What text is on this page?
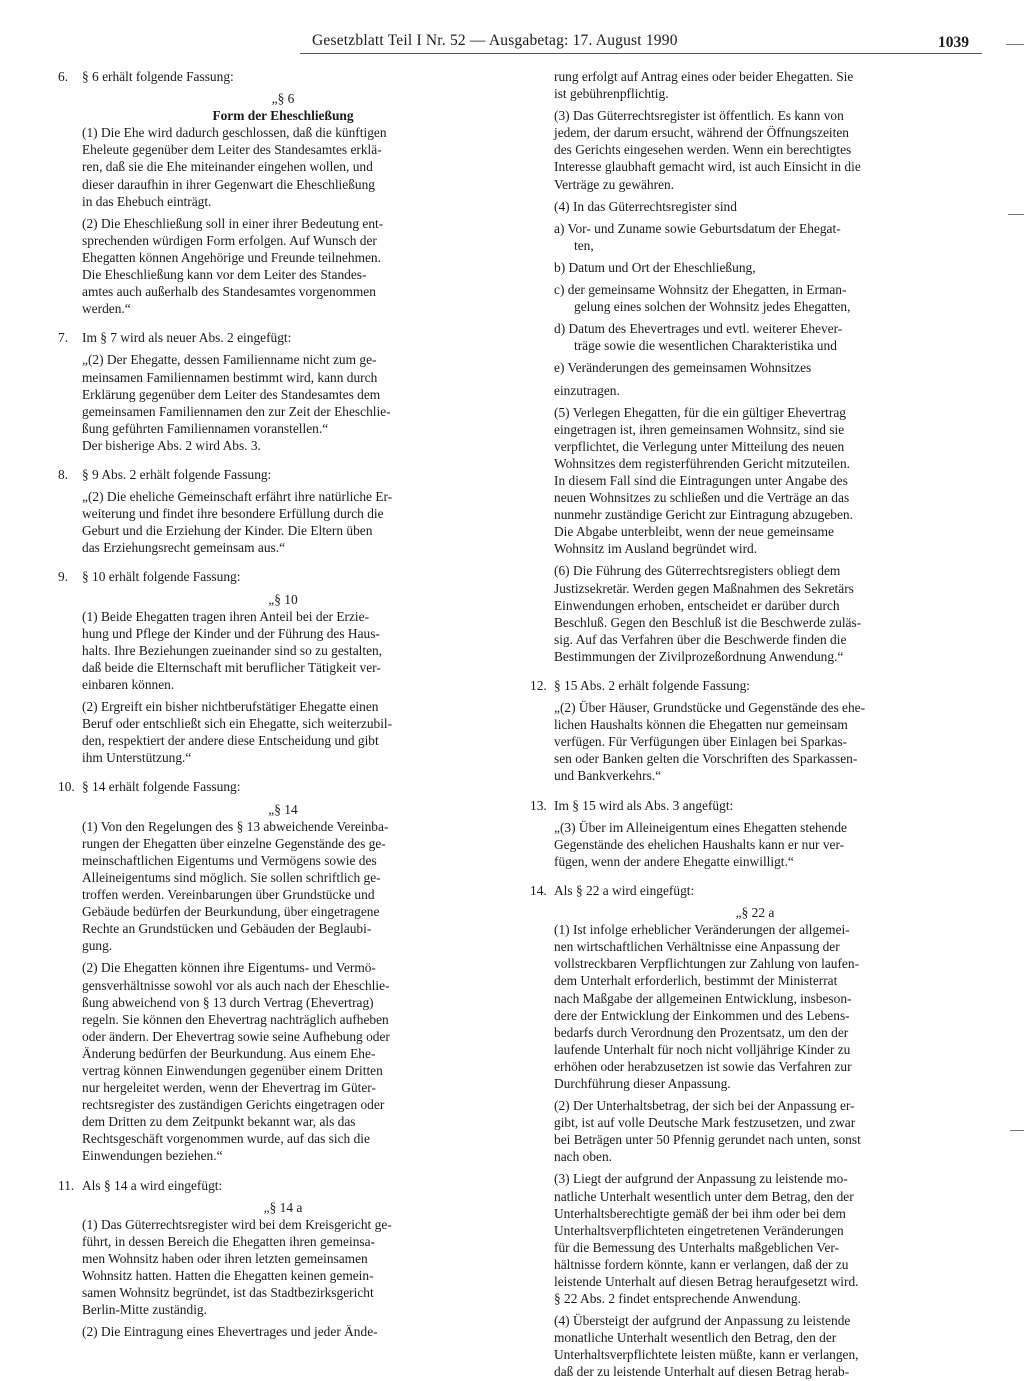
Gesetzblatt Teil I Nr. 52 — Ausgabetag: 17. August 1990	1039
6. § 6 erhält folgende Fassung:
„§ 6
Form der Eheschließung
(1) Die Ehe wird dadurch geschlossen, daß die künftigen
Eheleute gegenüber dem Leiter des Standesamtes erklä-
ren, daß sie die Ehe miteinander eingehen wollen, und
dieser daraufhin in ihrer Gegenwart die Eheschließung
in das Ehebuch einträgt.
(2) Die Eheschließung soll in einer ihrer Bedeutung ent-
sprechenden würdigen Form erfolgen. Auf Wunsch der
Ehegatten können Angehörige und Freunde teilnehmen.
Die Eheschließung kann vor dem Leiter des Standes-
amtes auch außerhalb des Standesamtes vorgenommen
werden.“
7. Im § 7 wird als neuer Abs. 2 eingefügt:
„(2) Der Ehegatte, dessen Familienname nicht zum ge-
meinsamen Familiennamen bestimmt wird, kann durch
Erklärung gegenüber dem Leiter des Standesamtes dem
gemeinsamen Familiennamen den zur Zeit der Eheschlie-
ßung geführten Familiennamen voranstellen.“
Der bisherige Abs. 2 wird Abs. 3.
8. § 9 Abs. 2 erhält folgende Fassung:
„(2) Die eheliche Gemeinschaft erfährt ihre natürliche Er-
weiterung und findet ihre besondere Erfüllung durch die
Geburt und die Erziehung der Kinder. Die Eltern üben
das Erziehungsrecht gemeinsam aus.“
9. § 10 erhält folgende Fassung:
„§ 10
(1) Beide Ehegatten tragen ihren Anteil bei der Erzie-
hung und Pflege der Kinder und der Führung des Haus-
halts. Ihre Beziehungen zueinander sind so zu gestalten,
daß beide die Elternschaft mit beruflicher Tätigkeit ver-
einbaren können.
(2) Ergreift ein bisher nichtberufstätiger Ehegatte einen
Beruf oder entschließt sich ein Ehegatte, sich weiterzubil-
den, respektiert der andere diese Entscheidung und gibt
ihm Unterstützung.“
10. § 14 erhält folgende Fassung:
„§ 14
(1) Von den Regelungen des § 13 abweichende Vereinba-
rungen der Ehegatten über einzelne Gegenstände des ge-
meinschaftlichen Eigentums und Vermögens sowie des
Alleineigentums sind möglich. Sie sollen schriftlich ge-
troffen werden. Vereinbarungen über Grundstücke und
Gebäude bedürfen der Beurkundung, über eingetragene
Rechte an Grundstücken und Gebäuden der Beglaubi-
gung.
(2) Die Ehegatten können ihre Eigentums- und Vermö-
gensverhältnisse sowohl vor als auch nach der Eheschlie-
ßung abweichend von § 13 durch Vertrag (Ehevertrag)
regeln. Sie können den Ehevertrag nachträglich aufheben
oder ändern. Der Ehevertrag sowie seine Aufhebung oder
Änderung bedürfen der Beurkundung. Aus einem Ehe-
vertrag können Einwendungen gegenüber einem Dritten
nur hergeleitet werden, wenn der Ehevertrag im Güter-
rechtsregister des zuständigen Gerichts eingetragen oder
dem Dritten zu dem Zeitpunkt bekannt war, als das
Rechtsgeschäft vorgenommen wurde, auf das sich die
Einwendungen beziehen.“
11. Als § 14 a wird eingefügt:
„§ 14 a
(1) Das Güterrechtsregister wird bei dem Kreisgericht ge-
führt, in dessen Bereich die Ehegatten ihren gemeinsa-
men Wohnsitz haben oder ihren letzten gemeinsamen
Wohnsitz hatten. Hatten die Ehegatten keinen gemein-
samen Wohnsitz begründet, ist das Stadtbezirksgericht
Berlin-Mitte zuständig.
(2) Die Eintragung eines Ehevertrages und jeder Ände-
rung erfolgt auf Antrag eines oder beider Ehegatten. Sie
ist gebührenpflichtig.
(3) Das Güterrechtsregister ist öffentlich. Es kann von
jedem, der darum ersucht, während der Öffnungszeiten
des Gerichts eingesehen werden. Wenn ein berechtigtes
Interesse glaubhaft gemacht wird, ist auch Einsicht in die
Verträge zu gewähren.
(4) In das Güterrechtsregister sind
a) Vor- und Zuname sowie Geburtsdatum der Ehegat-
ten,
b) Datum und Ort der Eheschließung,
c) der gemeinsame Wohnsitz der Ehegatten, in Erman-
gelung eines solchen der Wohnsitz jedes Ehegatten,
d) Datum des Ehevertrages und evtl. weiterer Ehever-
träge sowie die wesentlichen Charakteristika und
e) Veränderungen des gemeinsamen Wohnsitzes
einzutragen.
(5) Verlegen Ehegatten, für die ein gültiger Ehevertrag
eingetragen ist, ihren gemeinsamen Wohnsitz, sind sie
verpflichtet, die Verlegung unter Mitteilung des neuen
Wohnsitzes dem registerführenden Gericht mitzuteilen.
In diesem Fall sind die Eintragungen unter Angabe des
neuen Wohnsitzes zu schließen und die Verträge an das
nunmehr zuständige Gericht zur Eintragung abzugeben.
Die Abgabe unterbleibt, wenn der neue gemeinsame
Wohnsitz im Ausland begründet wird.
(6) Die Führung des Güterrechtsregisters obliegt dem
Justizsekretär. Werden gegen Maßnahmen des Sekretärs
Einwendungen erhoben, entscheidet er darüber durch
Beschluß. Gegen den Beschluß ist die Beschwerde zuläs-
sig. Auf das Verfahren über die Beschwerde finden die
Bestimmungen der Zivilprozeßordnung Anwendung.“
12. § 15 Abs. 2 erhält folgende Fassung:
„(2) Über Häuser, Grundstücke und Gegenstände des ehe-
lichen Haushalts können die Ehegatten nur gemeinsam
verfügen. Für Verfügungen über Einlagen bei Sparkas-
sen oder Banken gelten die Vorschriften des Sparkassen-
und Bankverkehrs.“
13. Im § 15 wird als Abs. 3 angefügt:
„(3) Über im Alleineigentum eines Ehegatten stehende
Gegenstände des ehelichen Haushalts kann er nur ver-
fügen, wenn der andere Ehegatte einwilligt.“
14. Als § 22 a wird eingefügt:
„§ 22 a
(1) Ist infolge erheblicher Veränderungen der allgemei-
nen wirtschaftlichen Verhältnisse eine Anpassung der
vollstreckbaren Verpflichtungen zur Zahlung von laufen-
dem Unterhalt erforderlich, bestimmt der Ministerrat
nach Maßgabe der allgemeinen Entwicklung, insbeson-
dere der Entwicklung der Einkommen und des Lebens-
bedarfs durch Verordnung den Prozentsatz, um den der
laufende Unterhalt für noch nicht volljährige Kinder zu
erhöhen oder herabzusetzen ist sowie das Verfahren zur
Durchführung dieser Anpassung.
(2) Der Unterhaltsbetrag, der sich bei der Anpassung er-
gibt, ist auf volle Deutsche Mark festzusetzen, und zwar
bei Beträgen unter 50 Pfennig gerundet nach unten, sonst
nach oben.
(3) Liegt der aufgrund der Anpassung zu leistende mo-
natliche Unterhalt wesentlich unter dem Betrag, den der
Unterhaltsberechtigte gemäß der bei ihm oder bei dem
Unterhaltsverpflichteten eingetretenen Veränderungen
für die Bemessung des Unterhalts maßgeblichen Ver-
hältnisse fordern könnte, kann er verlangen, daß der zu
leistende Unterhalt auf diesen Betrag heraufgesetzt wird.
§ 22 Abs. 2 findet entsprechende Anwendung.
(4) Übersteigt der aufgrund der Anpassung zu leistende
monatliche Unterhalt wesentlich den Betrag, den der
Unterhaltsverpflichtete leisten müßte, kann er verlangen,
daß der zu leistende Unterhalt auf diesen Betrag herab-
